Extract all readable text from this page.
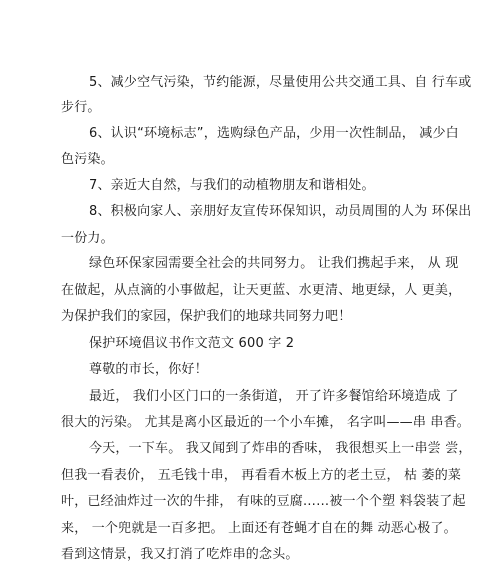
5、减少空气污染，节约能源，尽量使用公共交通工具、自 行车或
步行。
6、认识“环境标志”，选购绿色产品，少用一次性制品， 减少白
色污染。
7、亲近大自然，与我们的动植物朋友和谐相处。
8、积极向家人、亲朋好友宣传环保知识，动员周围的人为 环保出
一份力。
绿色环保家园需要全社会的共同努力。 让我们携起手来， 从 现
在做起，从点滴的小事做起，让天更蓝、水更清、地更绿，人 更美，
为保护我们的家园，保护我们的地球共同努力吧！
保护环境倡议书作文范文 600 字 2
尊敬的市长，你好！
最近， 我们小区门口的一条街道， 开了许多餐馆给环境造成 了
很大的污染。 尤其是离小区最近的一个小车摊， 名字叫——串 串香。
今天，一下车。 我又闻到了炸串的香味， 我很想买上一串尝 尝，
但我一看表价， 五毛钱十串， 再看看木板上方的老土豆， 枯 萎的菜
叶，已经油炸过一次的牛排， 有味的豆腐……被一个个塑 料袋装了起
来， 一个兜就是一百多把。 上面还有苍蝇才自在的舞 动恶心极了。
看到这情景，我又打消了吃炸串的念头。
